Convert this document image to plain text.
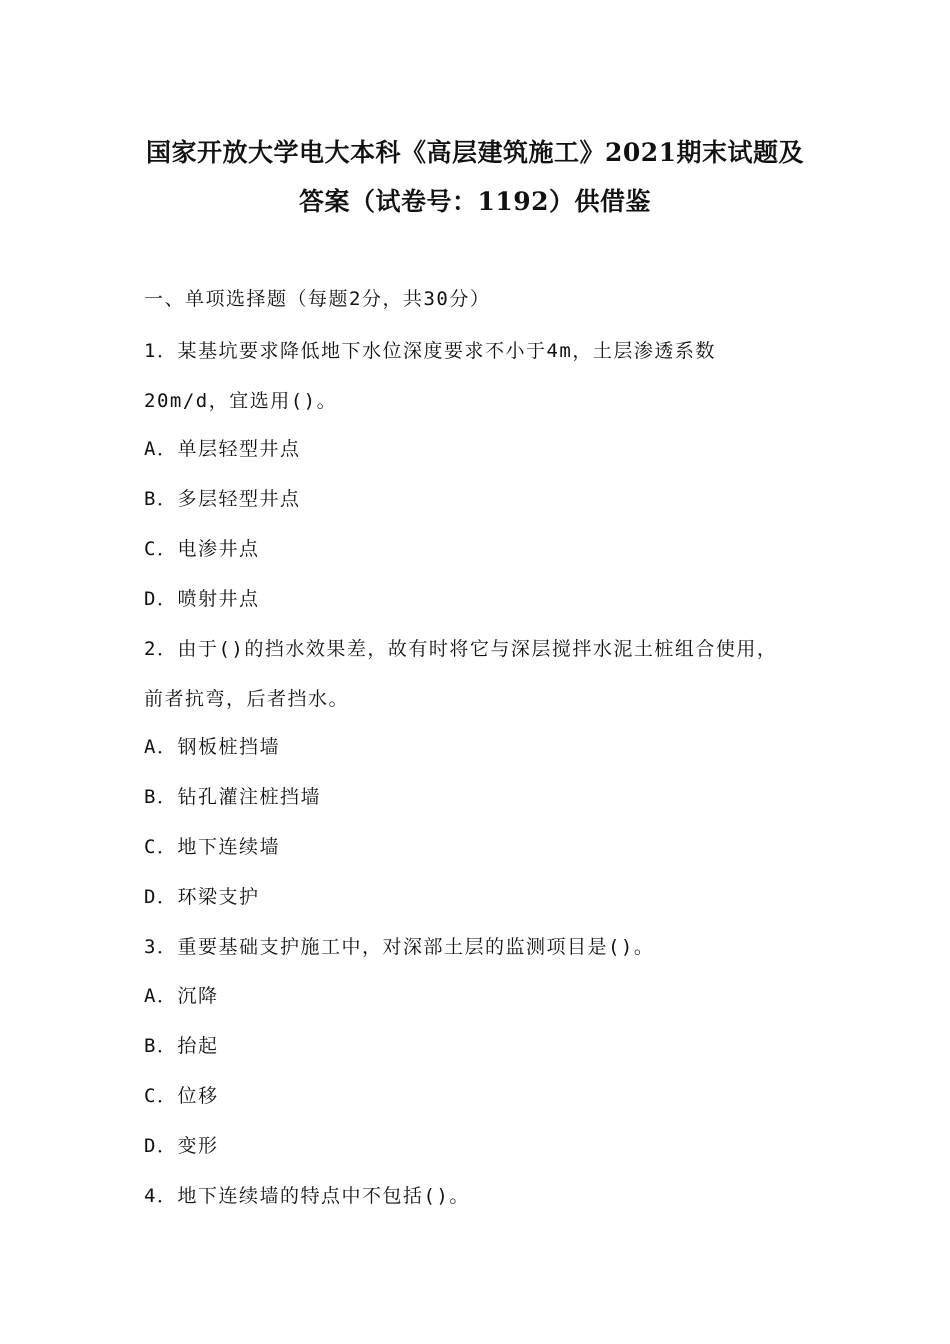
国家开放大学电大本科《高层建筑施工》2021期末试题及
答案（试卷号：1192）供借鉴
一、单项选择题（每题2分，共30分）
1．某基坑要求降低地下水位深度要求不小于4m，土层渗透系数
20m/d，宜选用()。
A．单层轻型井点
B．多层轻型井点
C．电渗井点
D．喷射井点
2．由于()的挡水效果差，故有时将它与深层搅拌水泥土桩组合使用，
前者抗弯，后者挡水。
A．钢板桩挡墙
B．钻孔灌注桩挡墙
C．地下连续墙
D．环梁支护
3．重要基础支护施工中，对深部土层的监测项目是()。
A．沉降
B．抬起
C．位移
D．变形
4．地下连续墙的特点中不包括()。
